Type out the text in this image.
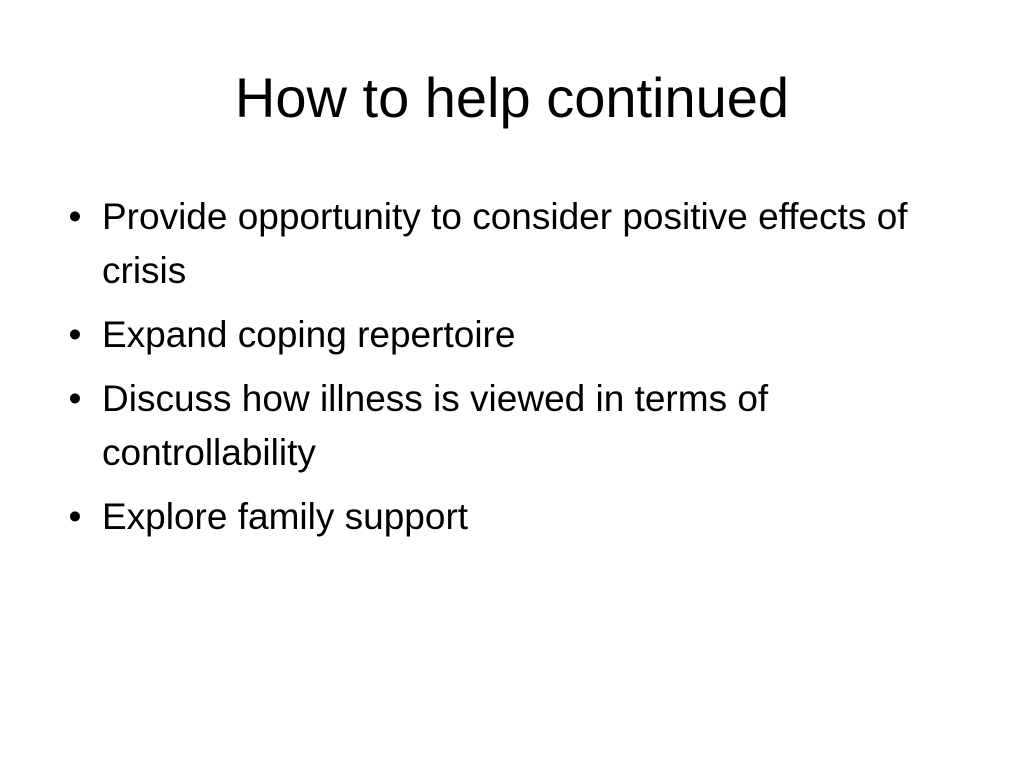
How to help continued
• Provide opportunity to consider positive effects of crisis
• Expand coping repertoire
• Discuss how illness is viewed in terms of controllability
• Explore family support
